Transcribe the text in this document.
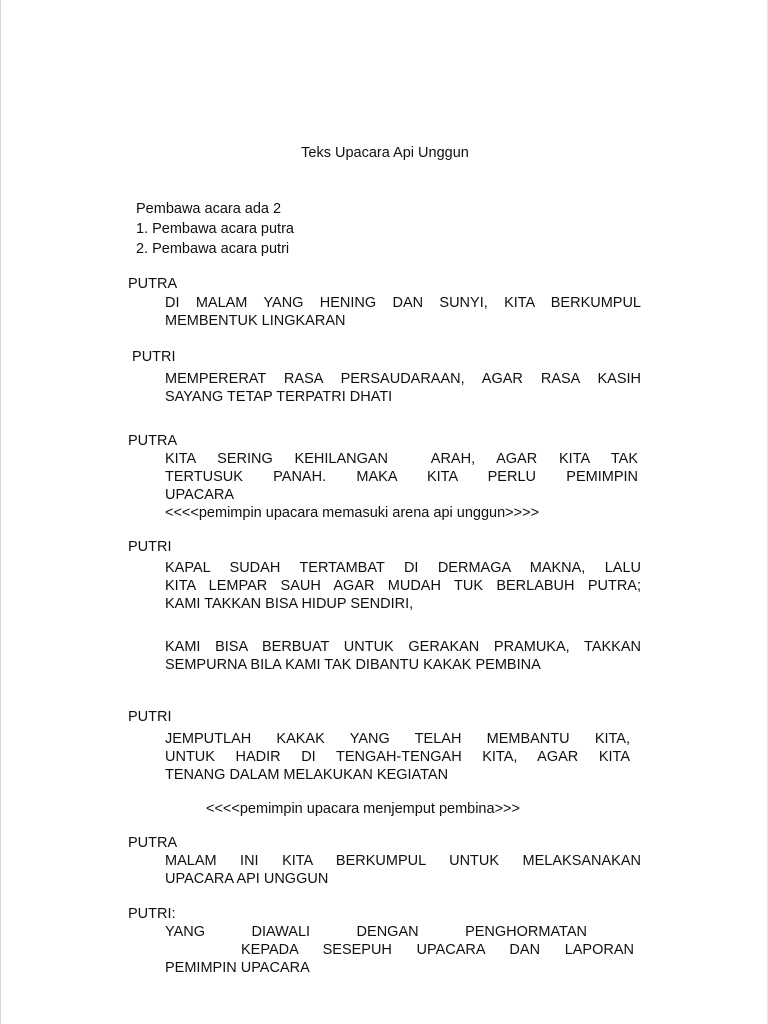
Teks Upacara Api Unggun
Pembawa acara ada 2
1. Pembawa acara putra
2. Pembawa acara putri
PUTRA
DI MALAM YANG HENING DAN SUNYI, KITA BERKUMPUL
MEMBENTUK LINGKARAN
PUTRI
MEMPERERAT RASA PERSAUDARAAN, AGAR RASA KASIH
SAYANG TETAP TERPATRI DHATI
PUTRA
KITA SERING KEHILANGAN  ARAH, AGAR KITA TAK
TERTUSUK PANAH. MAKA KITA PERLU PEMIMPIN
UPACARA
<<<<pemimpin upacara memasuki arena api unggun>>>>
PUTRI
KAPAL SUDAH TERTAMBAT DI DERMAGA MAKNA, LALU
KITA LEMPAR SAUH AGAR MUDAH TUK BERLABUH PUTRA;
KAMI TAKKAN BISA HIDUP SENDIRI,
KAMI BISA BERBUAT UNTUK GERAKAN PRAMUKA, TAKKAN
SEMPURNA BILA KAMI TAK DIBANTU KAKAK PEMBINA
PUTRI
JEMPUTLAH KAKAK YANG TELAH MEMBANTU KITA,
UNTUK HADIR DI TENGAH-TENGAH KITA, AGAR KITA
TENANG DALAM MELAKUKAN KEGIATAN
<<<<pemimpin upacara menjemput pembina>>>
PUTRA
MALAM INI KITA BERKUMPUL UNTUK MELAKSANAKAN
UPACARA API UNGGUN
PUTRI:
YANG DIAWALI DENGAN PENGHORMATAN
KEPADA SESEPUH UPACARA DAN LAPORAN
PEMIMPIN UPACARA
